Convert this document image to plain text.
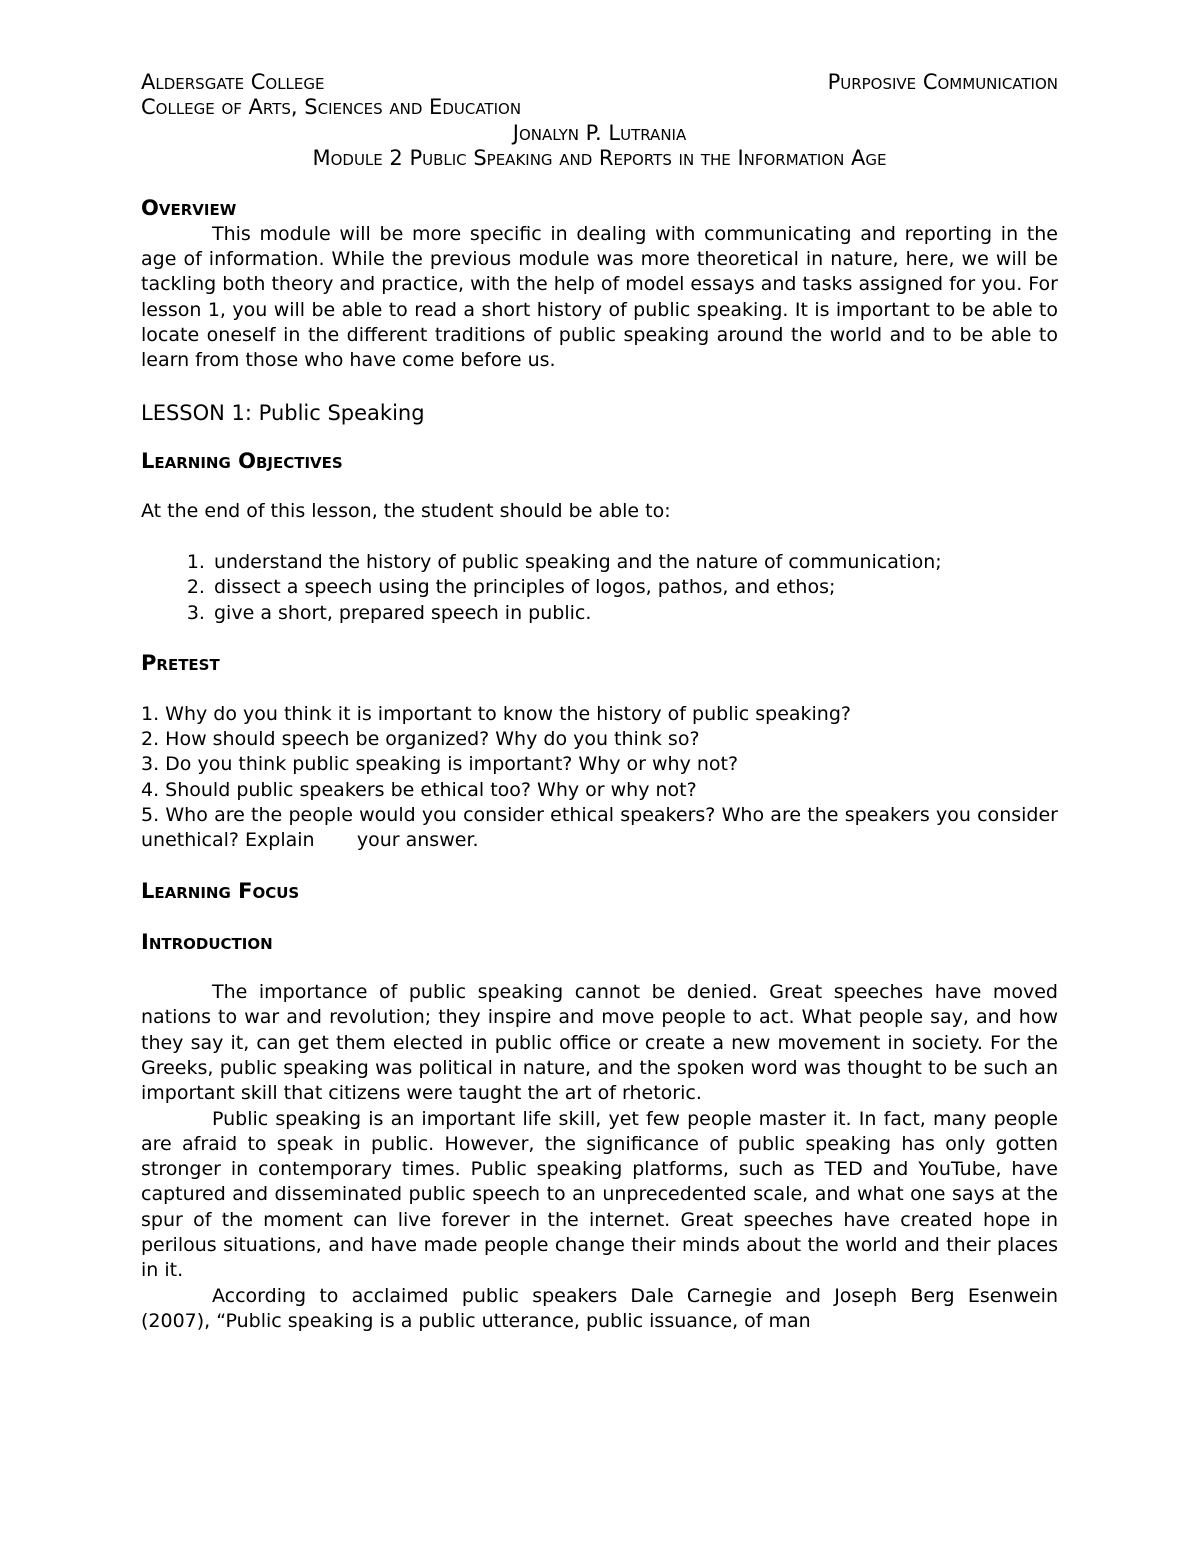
Aldersgate College	Purposive Communication
College of Arts, Sciences and Education
Jonalyn P. Lutrania
Module 2 Public Speaking and Reports in the Information Age
Overview

This module will be more specific in dealing with communicating and reporting in the age of information. While the previous module was more theoretical in nature, here, we will be tackling both theory and practice, with the help of model essays and tasks assigned for you. For lesson 1, you will be able to read a short history of public speaking. It is important to be able to locate oneself in the different traditions of public speaking around the world and to be able to learn from those who have come before us.

LESSON 1: Public Speaking
Learning Objectives
At the end of this lesson, the student should be able to:
1. understand the history of public speaking and the nature of communication;
2. dissect a speech using the principles of logos, pathos, and ethos;
3. give a short, prepared speech in public.
Pretest
1. Why do you think it is important to know the history of public speaking?
2. How should speech be organized? Why do you think so?
3. Do you think public speaking is important? Why or why not?
4. Should public speakers be ethical too? Why or why not?
5. Who are the people would you consider ethical speakers? Who are the speakers you consider unethical? Explain       your answer.
Learning Focus
Introduction

The importance of public speaking cannot be denied. Great speeches have moved nations to war and revolution; they inspire and move people to act. What people say, and how they say it, can get them elected in public office or create a new movement in society. For the Greeks, public speaking was political in nature, and the spoken word was thought to be such an important skill that citizens were taught the art of rhetoric.

Public speaking is an important life skill, yet few people master it. In fact, many people are afraid to speak in public. However, the significance of public speaking has only gotten stronger in contemporary times. Public speaking platforms, such as TED and YouTube, have captured and disseminated public speech to an unprecedented scale, and what one says at the spur of the moment can live forever in the internet. Great speeches have created hope in perilous situations, and have made people change their minds about the world and their places in it.

According to acclaimed public speakers Dale Carnegie and Joseph Berg Esenwein (2007), “Public speaking is a public utterance, public issuance, of man
